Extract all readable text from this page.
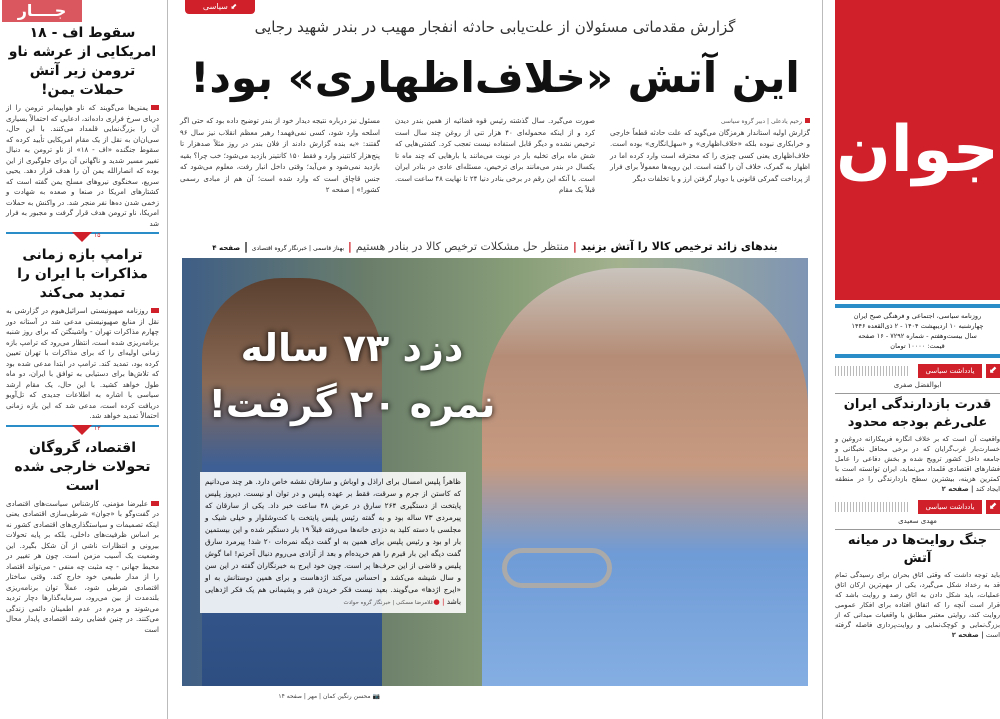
جــــار
سقوط اف - ۱۸ امریکایی از عرشه ناو ترومن زیر آتش حملات یمن!

یمنی‌ها می‌گویند که ناو هواپیمابر ترومن را از دریای سرخ فراری داده‌اند، ادعایی که احتمالاً بسیاری آن را بزرگ‌نمایی قلمداد می‌کنند. با این حال، سی‌ان‌ان به نقل از یک مقام امریکایی تأیید کرده که سقوط جنگنده «اف - ۱۸» از ناو ترومن به دنبال تغییر مسیر شدید و ناگهانی آن برای جلوگیری از این بوده که انصارالله یمن آن را هدف قرار دهد. یحیی سریع، سخنگوی نیروهای مسلح یمن گفته است که کشتارهای امریکا در صنعا و صعده به شهادت و زخمی شدن ده‌ها نفر منجر شد. در واکنش به حملات امریکا، ناو ترومن هدف قرار گرفت و مجبور به فرار شد

۱۵
ترامپ بازه زمانی مذاکرات با ایران را تمدید می‌کند

روزنامه صهیونیستی اسرائیل‌هیوم در گزارشی به نقل از منابع صهیونیستی مدعی شد در آستانه دور چهارم مذاکرات تهران - واشینگتن که برای روز شنبه برنامه‌ریزی شده است، انتظار می‌رود که ترامپ بازه زمانی اولیه‌ای را که برای مذاکرات با تهران تعیین کرده بود، تمدید کند. ترامپ در ابتدا مدعی شده بود که تلاش‌ها برای دستیابی به توافق با ایران، دو ماه طول خواهد کشید. با این حال، یک مقام ارشد سیاسی با اشاره به اطلاعات جدیدی که تل‌آویو دریافت کرده است، مدعی شد که این بازه زمانی احتمالاً تمدید خواهد شد.

۱۳
اقتصاد، گروگان تحولات خارجی شده است

علیرضا مؤمنی، کارشناس سیاست‌های اقتصادی در گفت‌وگو با «جوان» شرطی‌سازی اقتصادی یعنی اینکه تصمیمات و سیاستگذاری‌های اقتصادی کشور نه بر اساس ظرفیت‌های داخلی، بلکه بر پایه تحولات بیرونی و انتظارات ناشی از آن شکل بگیرد. این وضعیت یک آسیب مزمن است. چون هر تغییر در محیط جهانی - چه مثبت چه منفی - می‌تواند اقتصاد را از مدار طبیعی خود خارج کند. وقتی ساختار اقتصادی شرطی شود، عملاً توان برنامه‌ریزی بلندمدت از بین می‌رود، سرمایه‌گذارها دچار تردید می‌شوند و مردم در عدم اطمینان دائمی زندگی می‌کنند. در چنین فضایی رشد اقتصادی پایدار محال است

⬋ سیاسی
گزارش مقدماتی مسئولان از علت‌یابی حادثه انفجار مهیب در بندر شهید رجایی
این آتش «خلاف‌اظهاری» بود!
رحیم یادعلی | دبیر گروه سیاسی
گزارش اولیه استاندار هرمزگان می‌گوید که علت حادثه قطعاً خارجی و خرابکاری نبوده بلکه «خلاف‌اظهاری» و «سهل‌انگاری» بوده است. خلاف‌اظهاری یعنی کسی چیزی را که محترقه است وارد کرده اما در اظهار به گمرک، خلاف آن را گفته است. این رویه‌ها معمولاً برای فرار از پرداخت گمرکی قانونی یا دوبار گرفتن ارز و یا تخلفات دیگر
صورت می‌گیرد. سال گذشته رئیس قوه قضائیه از همین بندر دیدن کرد و از اینکه محموله‌ای ۴۰ هزار تنی از روغن چند سال است ترخیص نشده و دیگر قابل استفاده نیست تعجب کرد. کشتی‌هایی که شش ماه برای تخلیه بار در نوبت می‌مانند یا بارهایی که چند ماه تا یکسال در بندر می‌مانند برای ترخیص، مسئله‌ای عادی در بنادر ایران است. با آنکه این رقم در برخی بنادر دنیا ۲۴ تا نهایت ۴۸ ساعت است. قبلاً یک مقام
مسئول نیز درباره نتیجه دیدار خود از بندر توضیح داده بود که حتی اگر اسلحه وارد شود، کسی نمی‌فهمد! رهبر معظم انقلاب نیز سال ۹۶ گفتند: «به بنده گزارش دادند از فلان بندر در روز مثلاً صدهزار تا پنج‌هزار کانتینر وارد و فقط ۱۵۰ کانتینر بازدید می‌شود؛ خب چرا؟ بقیه بازدید نمی‌شود و می‌آید؛ وقتی داخل انبار رفت، معلوم می‌شود که جنس قاچاق است که وارد شده است؛ آن هم از مبادی رسمی کشور!» | صفحه ۲
بندهای زائد ترخیص کالا را آتش بزنید | منتظر حل مشکلات ترخیص کالا در بنادر هستیم | بهناز قاسمی | خبرنگار گروه اقتصادی | صفحه ۴
دزد ۷۳ ساله
نمره ۲۰ گرفت!
ظاهراً پلیس امسال برای اراذل و اوباش و سارقان نقشه خاص دارد. هر چند می‌دانیم که کاستن از جرم و سرقت، فقط بر عهده پلیس و در توان او نیست. دیروز پلیس پایتخت از دستگیری ۲۶۴ سارق در عرض ۴۸ ساعت خبر داد. یکی از سارقان که پیرمردی ۷۳ ساله بود و به گفته رئیس پلیس پایتخت با کت‌وشلوار و خیلی شیک و مجلسی با دسته کلید به دزدی خانه‌ها می‌رفته قبلاً ۱۹ بار دستگیر شده و این بیستمین بار او بود و رئیس پلیس برای همین به او گفت دیگه نمره‌ات ۲۰ شد! پیرمرد سارق گفت دیگه این بار قبرم را هم خریده‌ام و بعد از آزادی می‌روم دنبال آخرتم! اما گوش پلیس و قاضی از این حرف‌ها پر است. چون خود ایرج به خبرنگاران گفته در این سن و سال شیشه می‌کشد و احساس می‌کند اژدهاست و برای همین دوستانش به او «ایرج اژدها» می‌گویند. بعید نیست فکر خریدن قبر و پشیمانی هم یک فکر اژدهایی باشد | ●غلامرضا مسکنی | خبرنگار گروه حوادث
📷 محسن رنگین کمان | مهر | صفحه ۱۴
جوان
روزنامه سیاسی، اجتماعی و فرهنگی صبح ایران
چهارشنبه ۱۰ اردیبهشت ۱۴۰۴ - ۲ ذی‌القعده ۱۴۴۶
سال بیست‌وهفتم - شماره ۷۲۹۲ - ۱۶ صفحه
قیمت: ۱۰۰۰۰ تومان
یادداشت سیاسی	⬋
ابوالفضل صفری
قدرت بازدارندگی ایران علی‌رغم بودجه محدود
واقعیت آن است که بر خلاف انگاره فریبکارانه دروغین و خسارت‌بار غرب‌گرایان که در برخی محافل نخبگانی و جامعه داخل کشور ترویج شده و بخش دفاعی را عامل فشارهای اقتصادی قلمداد می‌نماید، ایران توانسته است با کمترین هزینه، بیشترین سطح بازدارندگی را در منطقه ایجاد کند | صفحه ۲
یادداشت سیاسی	⬋
مهدی سعیدی
جنگ روایت‌ها در میانه آتش
باید توجه داشت که وقتی اتاق بحران برای رسیدگی تمام قد به رخداد شکل می‌گیرد، یکی از مهم‌ترین ارکان اتاق عملیات، باید شکل دادن به اتاق رصد و روایت باشد که قرار است آنچه را که اتفاق افتاده برای افکار عمومی روایت کند، روایتی معتبر مطابق با واقعیات میدانی که از بزرگ‌نمایی و کوچک‌نمایی و روایت‌پردازی فاصله گرفته است | صفحه ۲
